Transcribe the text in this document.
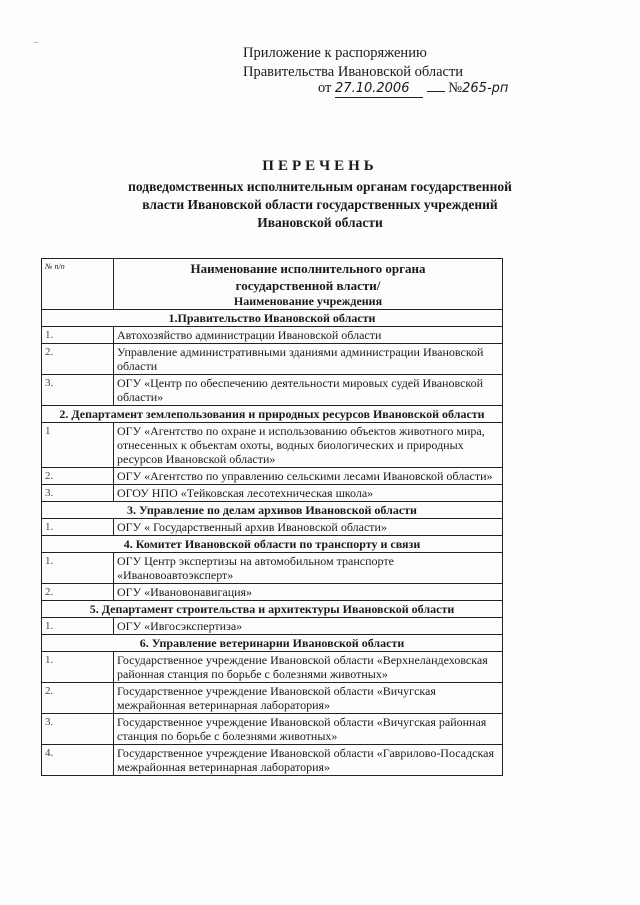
Приложение к распоряжению
Правительства Ивановской области
от 27.10.2006	№265-рп
ПЕРЕЧЕНЬ
подведомственных исполнительным органам государственной
власти Ивановской области государственных учреждений
Ивановской области
№ п/п	Наименование исполнительного органа
государственной власти/
Наименование учреждения

1.Правительство Ивановской области	
1.	Автохозяйство администрации Ивановской области
2.	Управление административными зданиями администрации Ивановской области
3.	ОГУ «Центр по обеспечению деятельности мировых судей Ивановской области»
2. Департамент землепользования и природных ресурсов Ивановской области	
1	ОГУ «Агентство по охране и использованию объектов животного мира, отнесенных к объектам охоты, водных биологических и природных ресурсов Ивановской области»
2.	ОГУ «Агентство по управлению сельскими лесами Ивановской области»
3.	ОГОУ НПО «Тейковская лесотехническая школа»
3. Управление по делам архивов Ивановской области	
1.	ОГУ « Государственный архив Ивановской области»
4. Комитет Ивановской области по транспорту и связи	
1.	ОГУ Центр экспертизы на автомобильном транспорте «Ивановоавтоэксперт»
2.	ОГУ «Ивановонавигация»
5. Департамент строительства и архитектуры Ивановской области	
1.	ОГУ «Ивгосэкспертиза»
6. Управление ветеринарии Ивановской области	
1.	Государственное учреждение Ивановской области «Верхнеландеховская районная станция по борьбе с болезнями животных»
2.	Государственное учреждение Ивановской области «Вичугская межрайонная ветеринарная лаборатория»
3.	Государственное учреждение Ивановской области «Вичугская районная станция по борьбе с болезнями животных»
4.	Государственное учреждение Ивановской области «Гаврилово-Посадская межрайонная ветеринарная лаборатория»
